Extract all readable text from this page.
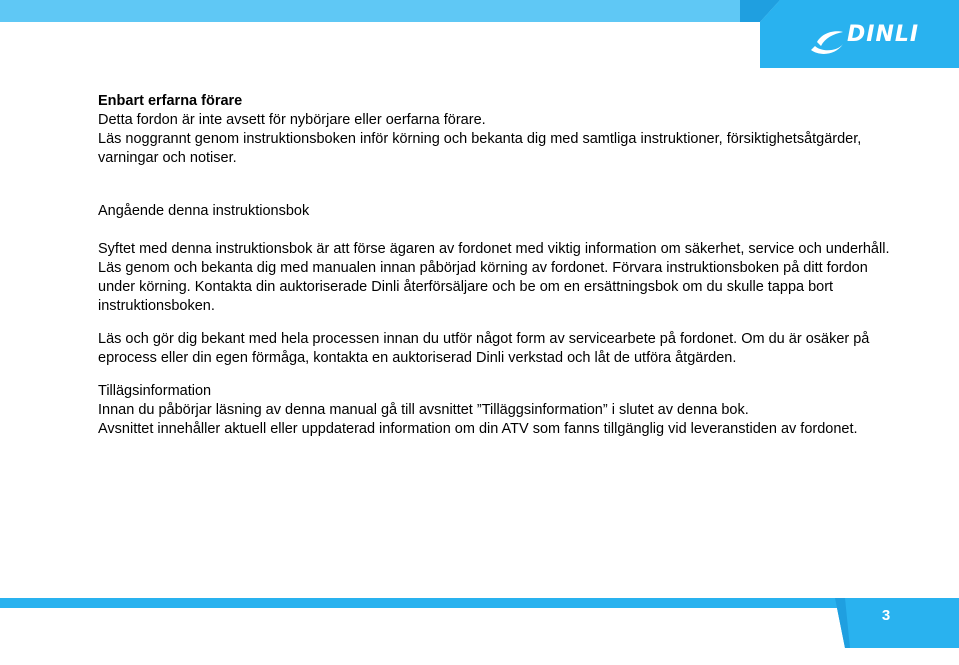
DINLI

Enbart erfarna förare

Detta fordon är inte avsett för nybörjare eller oerfarna förare.

Läs noggrannt genom instruktionsboken inför körning och bekanta dig med samtliga instruktioner, försiktighetsåtgärder, varningar och notiser.

Angående denna instruktionsbok

Syftet med denna instruktionsbok är att förse ägaren av fordonet med viktig information om säkerhet, service och underhåll. Läs genom och bekanta dig med manualen innan påbörjad körning av fordonet. Förvara instruktionsboken på ditt fordon under körning. Kontakta din auktoriserade Dinli återförsäljare och be om en ersättningsbok om du skulle tappa bort instruktionsboken.

Läs och gör dig bekant med hela processen innan du utför något form av servicearbete på fordonet. Om du är osäker på eprocess eller din egen förmåga, kontakta en auktoriserad Dinli verkstad och låt de utföra åtgärden.

Tillägsinformation

Innan du påbörjar läsning av denna manual gå till avsnittet ”Tilläggsinformation” i slutet av denna bok.

Avsnittet innehåller aktuell eller uppdaterad information om din ATV som fanns tillgänglig vid leveranstiden av fordonet.

3
